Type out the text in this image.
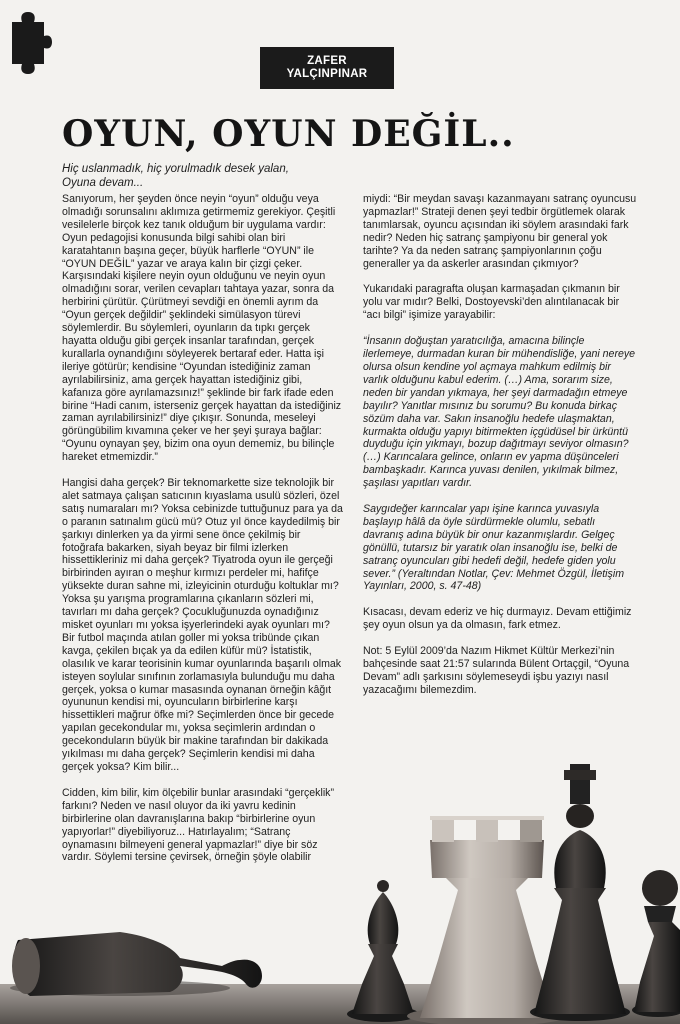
ZAFER
YALÇINPINAR
OYUN, OYUN DEĞİL..
Hiç uslanmadık, hiç yorulmadık desek yalan,
Oyuna devam...

Sanıyorum, her şeyden önce neyin “oyun” olduğu veya olmadığı sorunsalını aklımıza getirmemiz gerekiyor. Çeşitli vesilelerle birçok kez tanık olduğum bir uygulama vardır: Oyun pedagojisi konusunda bilgi sahibi olan biri karatahtanın başına geçer, büyük harflerle “OYUN” ile “OYUN DEĞİL” yazar ve araya kalın bir çizgi çeker. Karşısındaki kişilere neyin oyun olduğunu ve neyin oyun olmadığını sorar, verilen cevapları tahtaya yazar, sonra da herbirini çürütür. Çürütmeyi sevdiği en önemli ayrım da “Oyun gerçek değildir” şeklindeki simülasyon türevi söylemlerdir. Bu söylemleri, oyunların da tıpkı gerçek hayatta olduğu gibi gerçek insanlar tarafından, gerçek kurallarla oynandığını söyleyerek bertaraf eder. Hatta işi ileriye götürür; kendisine “Oyundan istediğiniz zaman ayrılabilirsiniz, ama gerçek hayattan istediğiniz gibi, kafanıza göre ayrılamazsınız!” şeklinde bir fark ifade eden birine “Hadi canım, isterseniz gerçek hayattan da istediğiniz zaman ayrılabilirsiniz!” diye çıkışır. Sonunda, meseleyi görüngübilim kıvamına çeker ve her şeyi şuraya bağlar: “Oyunu oynayan şey, bizim ona oyun dememiz, bu bilinçle hareket etmemizdir.”

Hangisi daha gerçek? Bir teknomarkette size teknolojik bir alet satmaya çalışan satıcının kıyaslama usulü sözleri, özel satış numaraları mı? Yoksa cebinizde tuttuğunuz para ya da o paranın satınalım gücü mü? Otuz yıl önce kaydedilmiş bir şarkıyı dinlerken ya da yirmi sene önce çekilmiş bir fotoğrafa bakarken, siyah beyaz bir filmi izlerken hissettikleriniz mi daha gerçek? Tiyatroda oyun ile gerçeği birbirinden ayıran o meşhur kırmızı perdeler mi, hafifçe yüksekte duran sahne mi, izleyicinin oturduğu koltuklar mı? Yoksa şu yarışma programlarına çıkanların sözleri mi, tavırları mı daha gerçek? Çocukluğunuzda oynadığınız misket oyunları mı yoksa işyerlerindeki ayak oyunları mı? Bir futbol maçında atılan goller mi yoksa tribünde çıkan kavga, çekilen bıçak ya da edilen küfür mü? İstatistik, olasılık ve karar teorisinin kumar oyunlarında başarılı olmak isteyen soylular sınıfının zorlamasıyla bulunduğu mu daha gerçek, yoksa o kumar masasında oynanan örneğin kâğıt oyununun kendisi mi, oyuncuların birbirlerine karşı hissettikleri mağrur öfke mi? Seçimlerden önce bir gecede yapılan gecekondular mı, yoksa seçimlerin ardından o gecekonduların büyük bir makine tarafından bir dakikada yıkılması mı daha gerçek? Seçimlerin kendisi mi daha gerçek yoksa? Kim bilir...

Cidden, kim bilir, kim ölçebilir bunlar arasındaki “gerçeklik” farkını? Neden ve nasıl oluyor da iki yavru kedinin birbirlerine olan davranışlarına bakıp “birbirlerine oyun yapıyorlar!” diyebiliyoruz... Hatırlayalım; “Satranç oynamasını bilmeyeni general yapmazlar!” diye bir söz vardır. Söylemi tersine çevirsek, örneğin şöyle olabilir

miydi: “Bir meydan savaşı kazanmayanı satranç oyuncusu yapmazlar!” Strateji denen şeyi tedbir örgütlemek olarak tanımlarsak, oyuncu açısından iki söylem arasındaki fark nedir? Neden hiç satranç şampiyonu bir general yok tarihte? Ya da neden satranç şampiyonlarının çoğu generaller ya da askerler arasından çıkmıyor?

Yukarıdaki paragrafta oluşan karmaşadan çıkmanın bir yolu var mıdır? Belki, Dostoyevski’den alıntılanacak bir “acı bilgi” işimize yarayabilir:

“İnsanın doğuştan yaratıcılığa, amacına bilinçle ilerlemeye, durmadan kuran bir mühendisliğe, yani nereye olursa olsun kendine yol açmaya mahkum edilmiş bir varlık olduğunu kabul ederim. (…) Ama, sorarım size, neden bir yandan yıkmaya, her şeyi darmadağın etmeye bayılır? Yanıtlar mısınız bu sorumu? Bu konuda birkaç sözüm daha var. Sakın insanoğlu hedefe ulaşmaktan, kurmakta olduğu yapıyı bitirmekten içgüdüsel bir ürküntü duyduğu için yıkmayı, bozup dağıtmayı seviyor olmasın? (…) Karıncalara gelince, onların ev yapma düşünceleri bambaşkadır. Karınca yuvası denilen, yıkılmak bilmez, şaşılası yapıtları vardır.

Saygıdeğer karıncalar yapı işine karınca yuvasıyla başlayıp hâlâ da öyle sürdürmekle olumlu, sebatlı davranış adına büyük bir onur kazanmışlardır. Gelgeç gönüllü, tutarsız bir yaratık olan insanoğlu ise, belki de satranç oyuncuları gibi hedefi değil, hedefe giden yolu sever.” (Yeraltından Notlar, Çev: Mehmet Özgül, İletişim Yayınları, 2000, s. 47-48)

Kısacası, devam ederiz ve hiç durmayız. Devam ettiğimiz şey oyun olsun ya da olmasın, fark etmez.

Not: 5 Eylül 2009’da Nazım Hikmet Kültür Merkezi’nin bahçesinde saat 21:57 sularında Bülent Ortaçgil, “Oyuna Devam” adlı şarkısını söylemeseydi işbu yazıyı nasıl yazacağımı bilemezdim.
